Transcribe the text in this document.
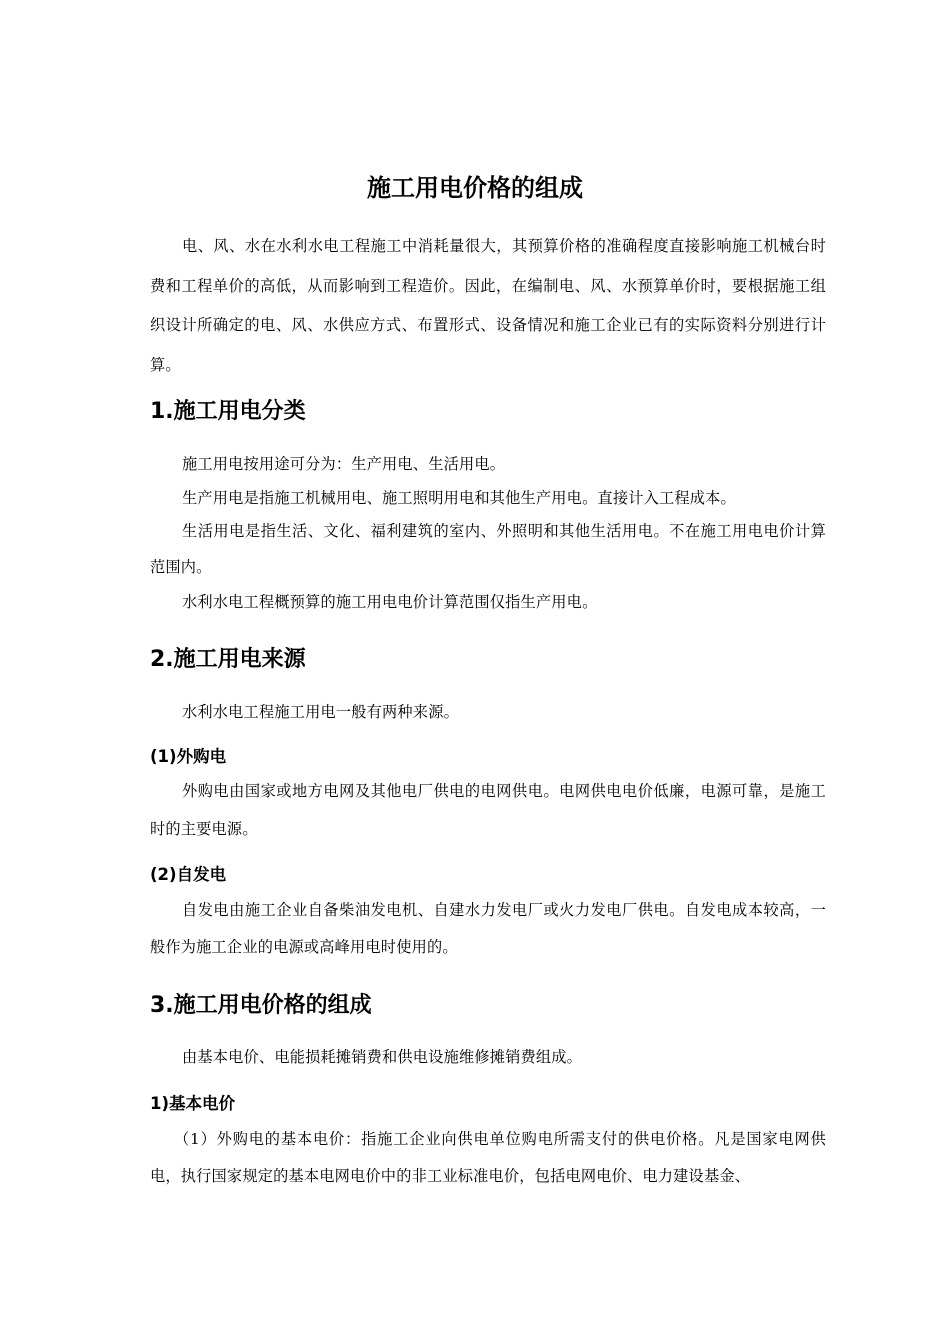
施工用电价格的组成

电、风、水在水利水电工程施工中消耗量很大，其预算价格的准确程度直接影响施工机械台时费和工程单价的高低，从而影响到工程造价。因此，在编制电、风、水预算单价时，要根据施工组织设计所确定的电、风、水供应方式、布置形式、设备情况和施工企业已有的实际资料分别进行计算。

1.施工用电分类

施工用电按用途可分为：生产用电、生活用电。

生产用电是指施工机械用电、施工照明用电和其他生产用电。直接计入工程成本。

生活用电是指生活、文化、福利建筑的室内、外照明和其他生活用电。不在施工用电电价计算范围内。

水利水电工程概预算的施工用电电价计算范围仅指生产用电。

2.施工用电来源

水利水电工程施工用电一般有两种来源。

(1)外购电

外购电由国家或地方电网及其他电厂供电的电网供电。电网供电电价低廉，电源可靠，是施工时的主要电源。

(2)自发电

自发电由施工企业自备柴油发电机、自建水力发电厂或火力发电厂供电。自发电成本较高，一般作为施工企业的电源或高峰用电时使用的。

3.施工用电价格的组成

由基本电价、电能损耗摊销费和供电设施维修摊销费组成。

1)基本电价

（1）外购电的基本电价：指施工企业向供电单位购电所需支付的供电价格。凡是国家电网供电，执行国家规定的基本电网电价中的非工业标准电价，包括电网电价、电力建设基金、
